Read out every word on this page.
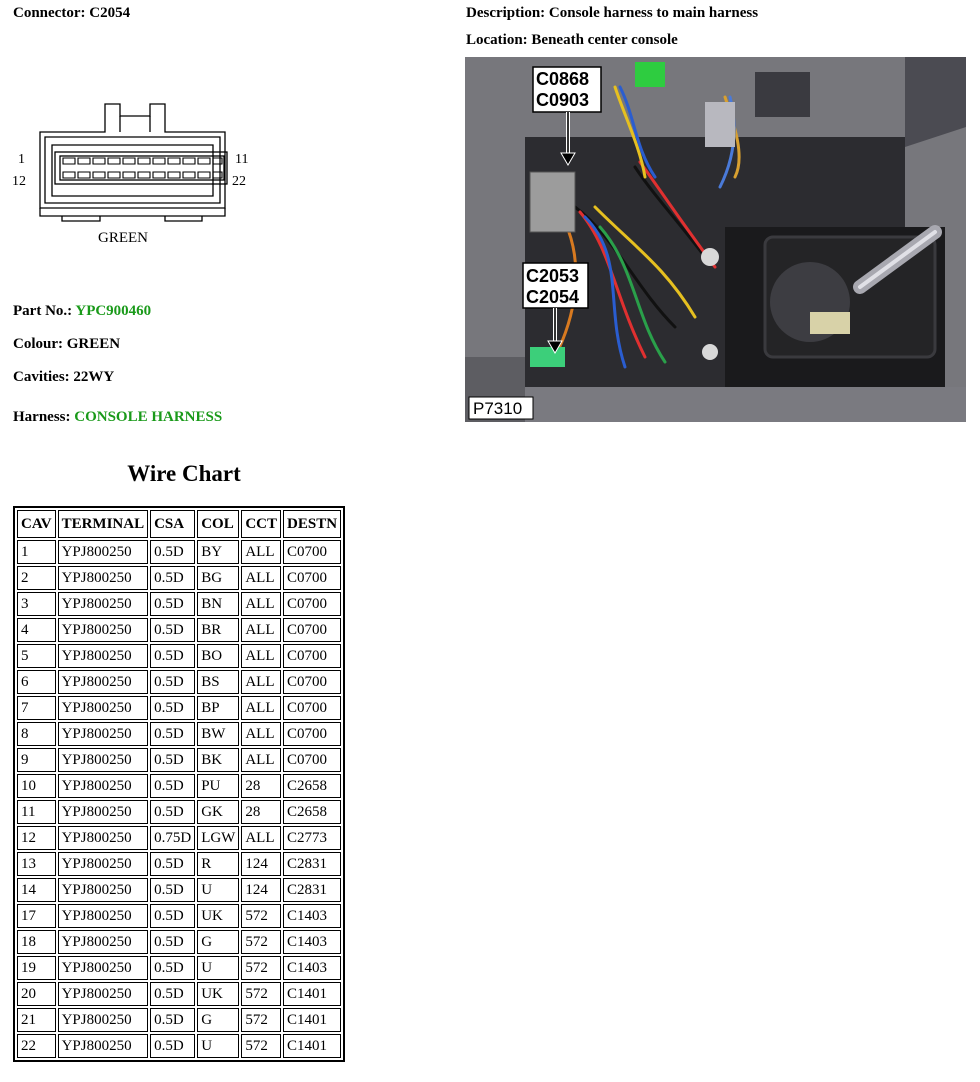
Connector: C2054	Description: Console harness to main harness
Location: Beneath center console
1
12
11
22
GREEN
C0868
C0903
C2053
C2054
P7310
Part No.: YPC900460
Colour: GREEN
Cavities: 22WY
Harness: CONSOLE HARNESS
Wire Chart
CAV	TERMINAL	CSA	COL	CCT	DESTN
1	YPJ800250	0.5D	BY	ALL	C0700
2	YPJ800250	0.5D	BG	ALL	C0700
3	YPJ800250	0.5D	BN	ALL	C0700
4	YPJ800250	0.5D	BR	ALL	C0700
5	YPJ800250	0.5D	BO	ALL	C0700
6	YPJ800250	0.5D	BS	ALL	C0700
7	YPJ800250	0.5D	BP	ALL	C0700
8	YPJ800250	0.5D	BW	ALL	C0700
9	YPJ800250	0.5D	BK	ALL	C0700
10	YPJ800250	0.5D	PU	28	C2658
11	YPJ800250	0.5D	GK	28	C2658
12	YPJ800250	0.75D	LGW	ALL	C2773
13	YPJ800250	0.5D	R	124	C2831
14	YPJ800250	0.5D	U	124	C2831
17	YPJ800250	0.5D	UK	572	C1403
18	YPJ800250	0.5D	G	572	C1403
19	YPJ800250	0.5D	U	572	C1403
20	YPJ800250	0.5D	UK	572	C1401
21	YPJ800250	0.5D	G	572	C1401
22	YPJ800250	0.5D	U	572	C1401
